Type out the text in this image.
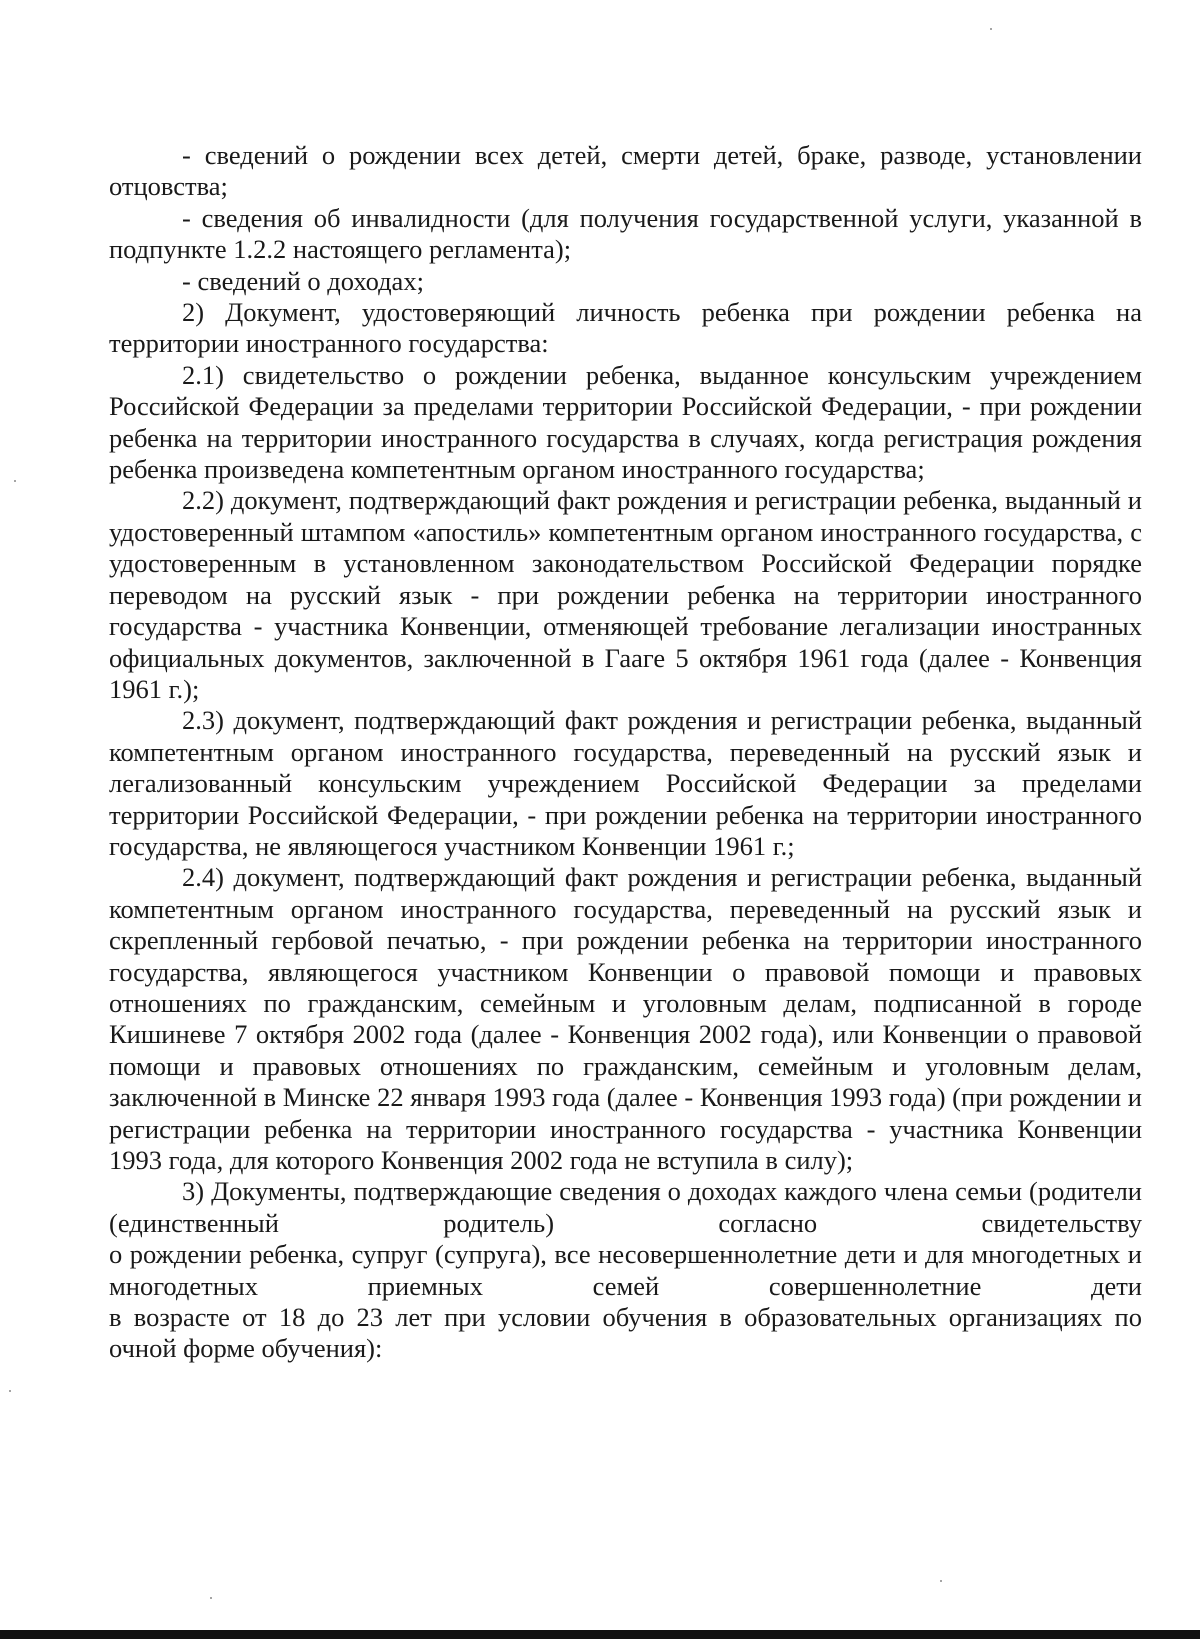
- сведений о рождении всех детей, смерти детей, браке, разводе, установлении отцовства;

- сведения об инвалидности (для получения государственной услуги, указанной в подпункте 1.2.2 настоящего регламента);

- сведений о доходах;

2) Документ, удостоверяющий личность ребенка при рождении ребенка на территории иностранного государства:

2.1) свидетельство о рождении ребенка, выданное консульским учреждением Российской Федерации за пределами территории Российской Федерации, - при рождении ребенка на территории иностранного государства в случаях, когда регистрация рождения ребенка произведена компетентным органом иностранного государства;

2.2) документ, подтверждающий факт рождения и регистрации ребенка, выданный и удостоверенный штампом «апостиль» компетентным органом иностранного государства, с удостоверенным в установленном законодательством Российской Федерации порядке переводом на русский язык - при рождении ребенка на территории иностранного государства - участника Конвенции, отменяющей требование легализации иностранных официальных документов, заключенной в Гааге 5 октября 1961 года (далее - Конвенция 1961 г.);

2.3) документ, подтверждающий факт рождения и регистрации ребенка, выданный компетентным органом иностранного государства, переведенный на русский язык и легализованный консульским учреждением Российской Федерации за пределами территории Российской Федерации, - при рождении ребенка на территории иностранного государства, не являющегося участником Конвенции 1961 г.;

2.4) документ, подтверждающий факт рождения и регистрации ребенка, выданный компетентным органом иностранного государства, переведенный на русский язык и скрепленный гербовой печатью, - при рождении ребенка на территории иностранного государства, являющегося участником Конвенции о правовой помощи и правовых отношениях по гражданским, семейным и уголовным делам, подписанной в городе Кишиневе 7 октября 2002 года (далее - Конвенция 2002 года), или Конвенции о правовой помощи и правовых отношениях по гражданским, семейным и уголовным делам, заключенной в Минске 22 января 1993 года (далее - Конвенция 1993 года) (при рождении и регистрации ребенка на территории иностранного государства - участника Конвенции 1993 года, для которого Конвенция 2002 года не вступила в силу);

3) Документы, подтверждающие сведения о доходах каждого члена семьи (родители (единственный родитель) согласно свидетельству

о рождении ребенка, супруг (супруга), все несовершеннолетние дети и для многодетных и многодетных приемных семей совершеннолетние дети

в возрасте от 18 до 23 лет при условии обучения в образовательных организациях по очной форме обучения):
